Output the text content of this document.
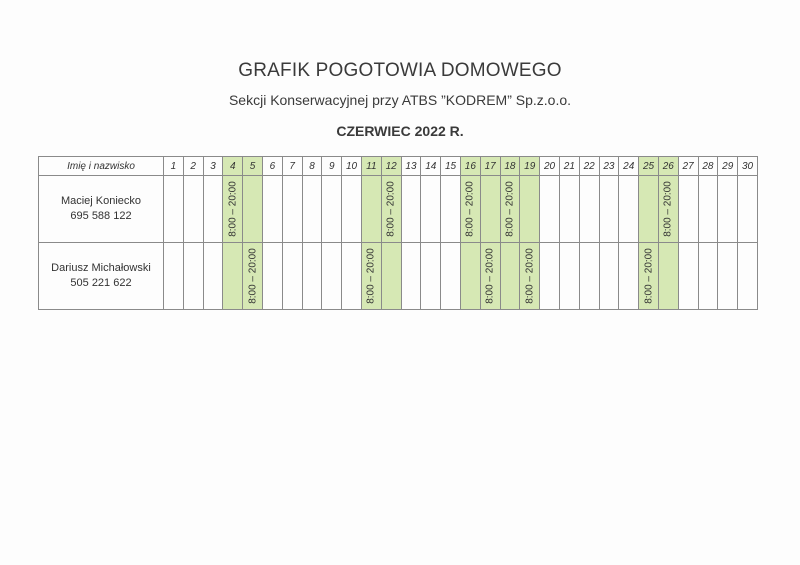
GRAFIK POGOTOWIA DOMOWEGO
Sekcji Konserwacyjnej przy ATBS ”KODREM” Sp.z.o.o.
CZERWIEC 2022 R.
Imię i nazwisko	1	2	3	4	5	6	7	8	9	10	11	12	13	14	15	16	17	18	19	20	21	22	23	24	25	26	27	28	29	30

Maciej Koniecko
695 588 122				8:00 – 20:00								8:00 – 20:00				8:00 – 20:00		8:00 – 20:00								8:00 – 20:00				

Dariusz Michałowski
505 221 622					8:00 – 20:00						8:00 – 20:00						8:00 – 20:00		8:00 – 20:00						8:00 – 20:00					
